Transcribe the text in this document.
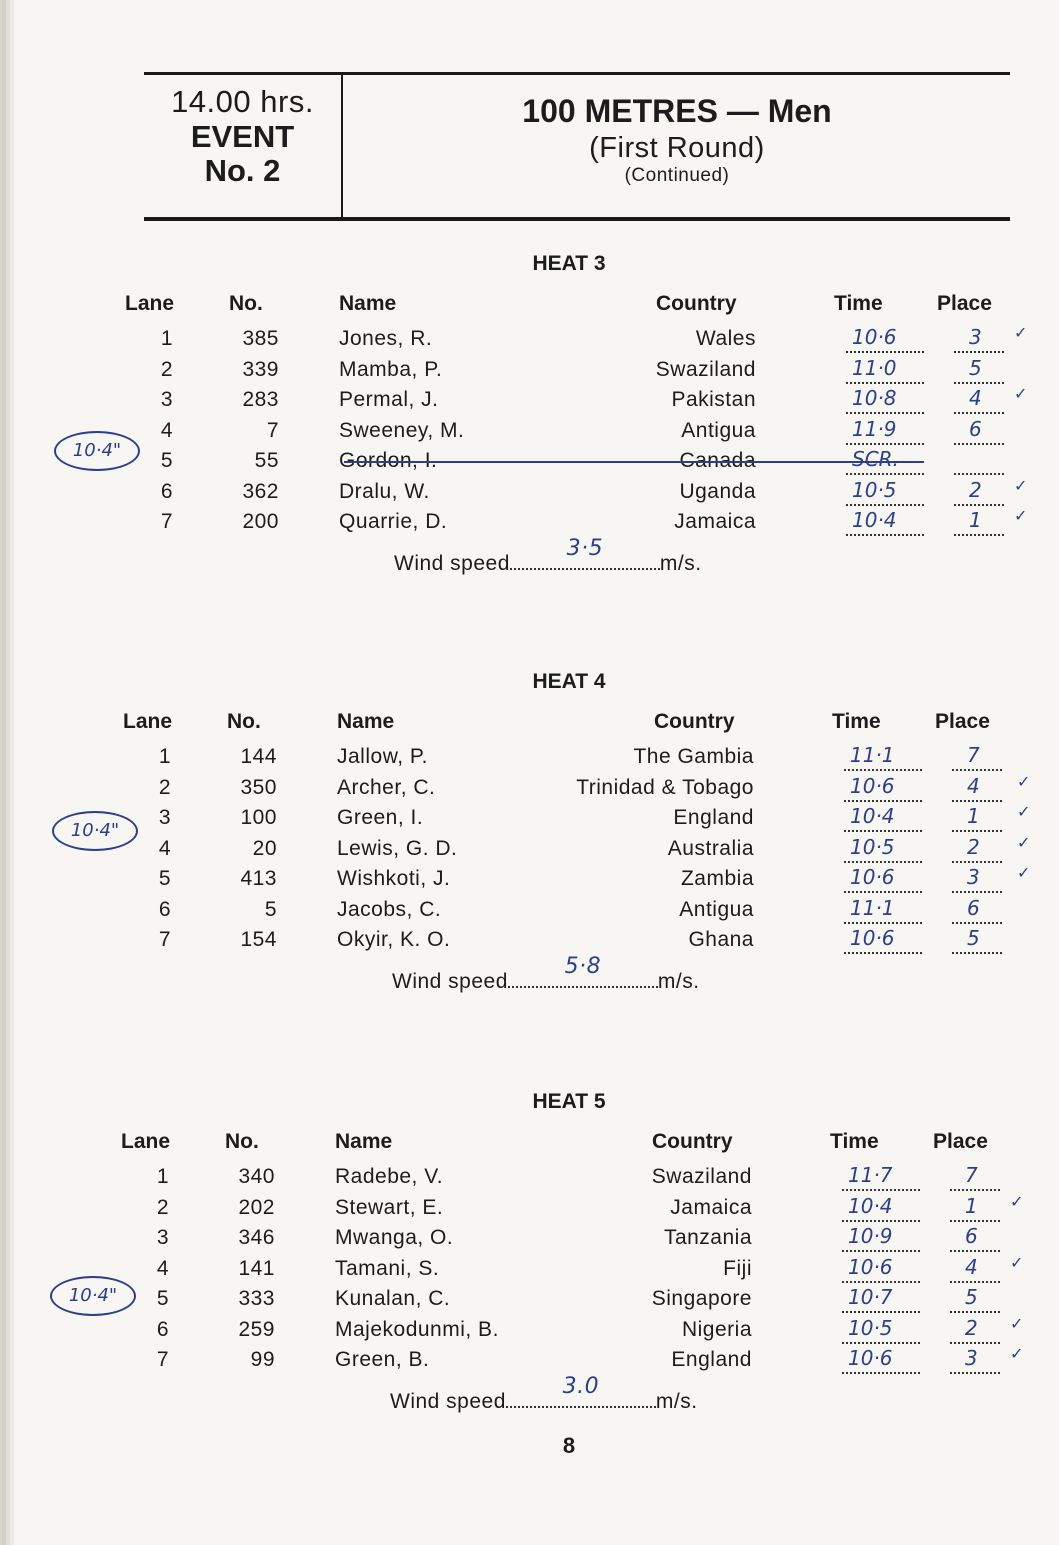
14.00 hrs.
EVENT
No. 2
100 METRES — Men
(First Round)
(Continued)
HEAT 3
Lane	No.	Name	Country	Time	Place
1	385	Jones, R.	Wales	10·6	3 ✓
2	339	Mamba, P.	Swaziland	11·0	5
3	283	Permal, J.	Pakistan	10·8	4 ✓
4	7	Sweeney, M.	Antigua	11·9	6
5	55	Gordon, I.	Canada	SCR.
6	362	Dralu, W.	Uganda	10·5	2 ✓
7	200	Quarrie, D.	Jamaica	10·4	1 ✓
10·4"
Wind speed
3·5
m/s.
HEAT 4
Lane	No.	Name	Country	Time	Place
1	144	Jallow, P.	The Gambia	11·1	7
2	350	Archer, C.	Trinidad & Tobago	10·6	4 ✓
3	100	Green, I.	England	10·4	1 ✓
4	20	Lewis, G. D.	Australia	10·5	2 ✓
5	413	Wishkoti, J.	Zambia	10·6	3 ✓
6	5	Jacobs, C.	Antigua	11·1	6
7	154	Okyir, K. O.	Ghana	10·6	5
10·4"
Wind speed
5·8
m/s.
HEAT 5
Lane	No.	Name	Country	Time	Place
1	340	Radebe, V.	Swaziland	11·7	7
2	202	Stewart, E.	Jamaica	10·4	1 ✓
3	346	Mwanga, O.	Tanzania	10·9	6
4	141	Tamani, S.	Fiji	10·6	4 ✓
5	333	Kunalan, C.	Singapore	10·7	5
6	259	Majekodunmi, B.	Nigeria	10·5	2 ✓
7	99	Green, B.	England	10·6	3 ✓
10·4"
Wind speed
3.0
m/s.
8
